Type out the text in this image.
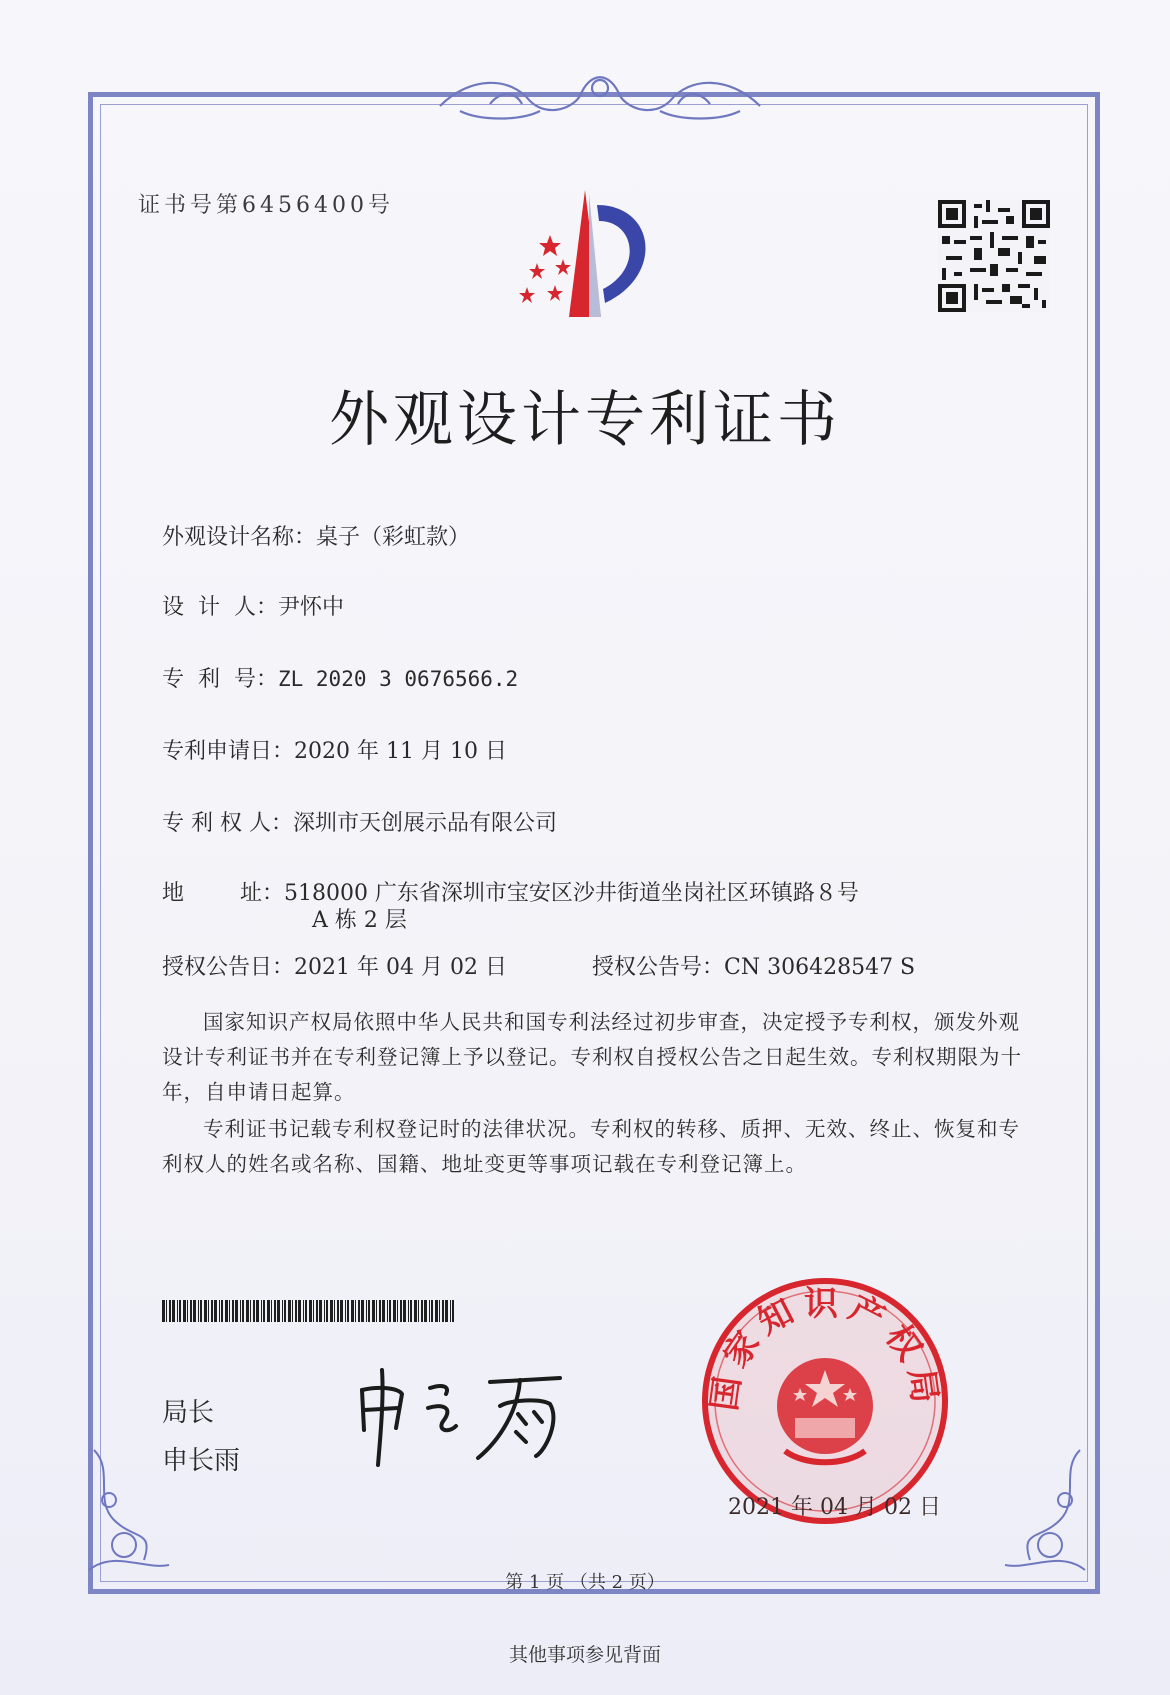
证书号第6456400号
外观设计专利证书
外观设计名称：桌子（彩虹款）
设  计  人：尹怀中
专  利  号：ZL 2020 3 0676566.2
专利申请日：2020 年 11 月 10 日
专 利 权 人：深圳市天创展示品有限公司
地        址：518000 广东省深圳市宝安区沙井街道坐岗社区环镇路８号
A 栋 2 层
授权公告日：2021 年 04 月 02 日	授权公告号：CN 306428547 S
国家知识产权局依照中华人民共和国专利法经过初步审查，决定授予专利权，颁发外观设计专利证书并在专利登记簿上予以登记。专利权自授权公告之日起生效。专利权期限为十年，自申请日起算。
专利证书记载专利权登记时的法律状况。专利权的转移、质押、无效、终止、恢复和专利权人的姓名或名称、国籍、地址变更等事项记载在专利登记簿上。
局长
申长雨
国家知识产权局
2021 年 04 月 02 日
第 1 页 （共 2 页）
其他事项参见背面
